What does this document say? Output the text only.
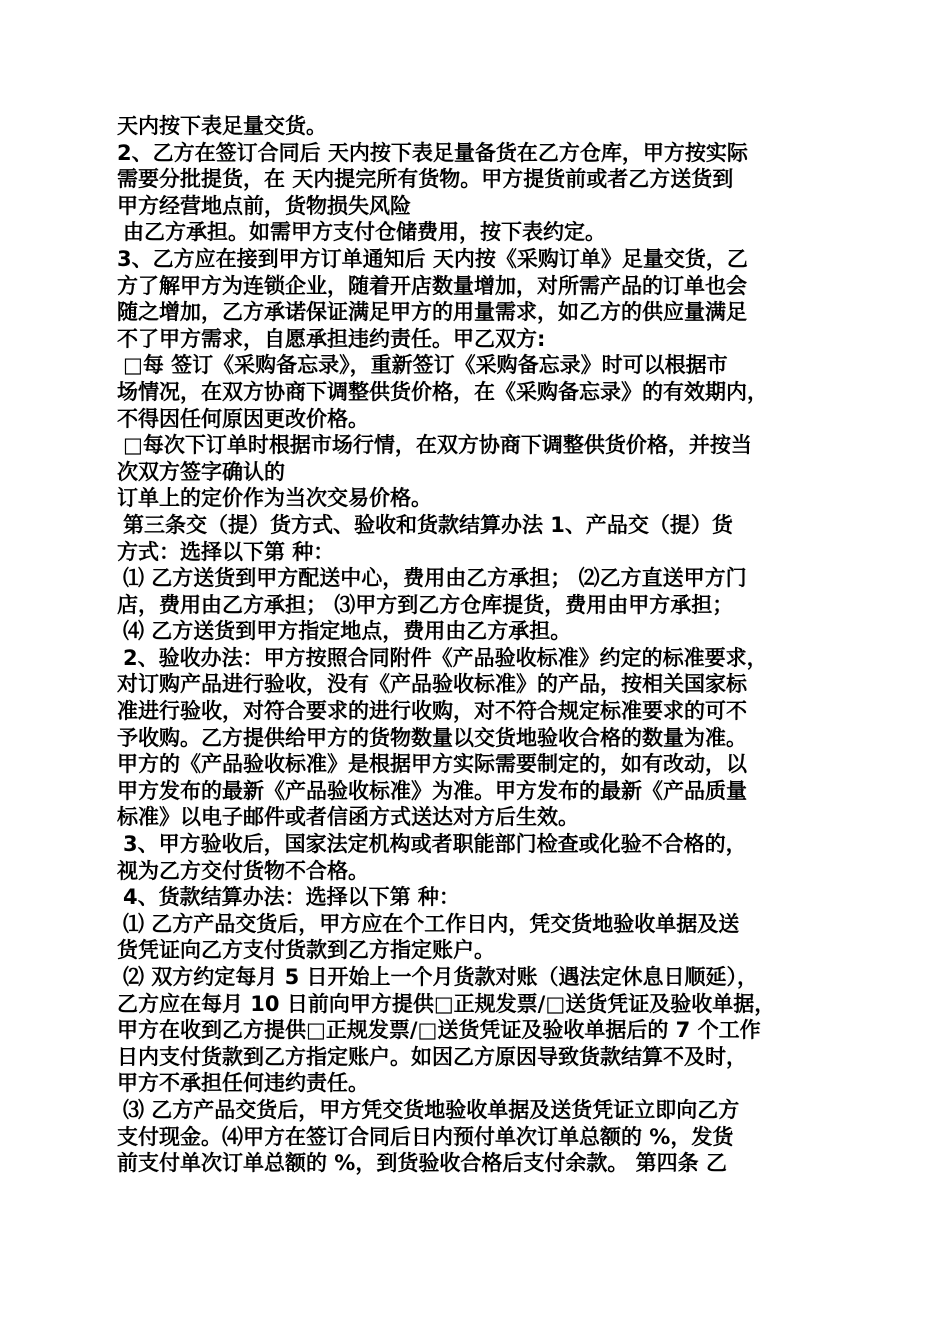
天内按下表足量交货。
2、乙方在签订合同后 天内按下表足量备货在乙方仓库，甲方按实际
需要分批提货，在 天内提完所有货物。甲方提货前或者乙方送货到
甲方经营地点前，货物损失风险
由乙方承担。如需甲方支付仓储费用，按下表约定。
3、乙方应在接到甲方订单通知后 天内按《采购订单》足量交货，乙
方了解甲方为连锁企业，随着开店数量增加，对所需产品的订单也会
随之增加，乙方承诺保证满足甲方的用量需求，如乙方的供应量满足
不了甲方需求，自愿承担违约责任。甲乙双方:
□每 签订《采购备忘录》，重新签订《采购备忘录》时可以根据市
场情况，在双方协商下调整供货价格，在《采购备忘录》的有效期内，
不得因任何原因更改价格。
□每次下订单时根据市场行情，在双方协商下调整供货价格，并按当
次双方签字确认的
订单上的定价作为当次交易价格。
第三条交（提）货方式、验收和货款结算办法 1、产品交（提）货
方式：选择以下第 种：
⑴ 乙方送货到甲方配送中心，费用由乙方承担； ⑵乙方直送甲方门
店，费用由乙方承担； ⑶甲方到乙方仓库提货，费用由甲方承担；
⑷ 乙方送货到甲方指定地点，费用由乙方承担。
2、验收办法：甲方按照合同附件《产品验收标准》约定的标准要求，
对订购产品进行验收，没有《产品验收标准》的产品，按相关国家标
准进行验收，对符合要求的进行收购，对不符合规定标准要求的可不
予收购。乙方提供给甲方的货物数量以交货地验收合格的数量为准。
甲方的《产品验收标准》是根据甲方实际需要制定的，如有改动，以
甲方发布的最新《产品验收标准》为准。甲方发布的最新《产品质量
标准》以电子邮件或者信函方式送达对方后生效。
3、甲方验收后，国家法定机构或者职能部门检查或化验不合格的，
视为乙方交付货物不合格。
4、货款结算办法：选择以下第 种：
⑴ 乙方产品交货后，甲方应在个工作日内，凭交货地验收单据及送
货凭证向乙方支付货款到乙方指定账户。
⑵ 双方约定每月 5 日开始上一个月货款对账（遇法定休息日顺延），
乙方应在每月 10 日前向甲方提供□正规发票/□送货凭证及验收单据，
甲方在收到乙方提供□正规发票/□送货凭证及验收单据后的 7 个工作
日内支付货款到乙方指定账户。如因乙方原因导致货款结算不及时，
甲方不承担任何违约责任。
⑶ 乙方产品交货后，甲方凭交货地验收单据及送货凭证立即向乙方
支付现金。⑷甲方在签订合同后日内预付单次订单总额的 %，发货
前支付单次订单总额的 %，到货验收合格后支付余款。 第四条 乙
